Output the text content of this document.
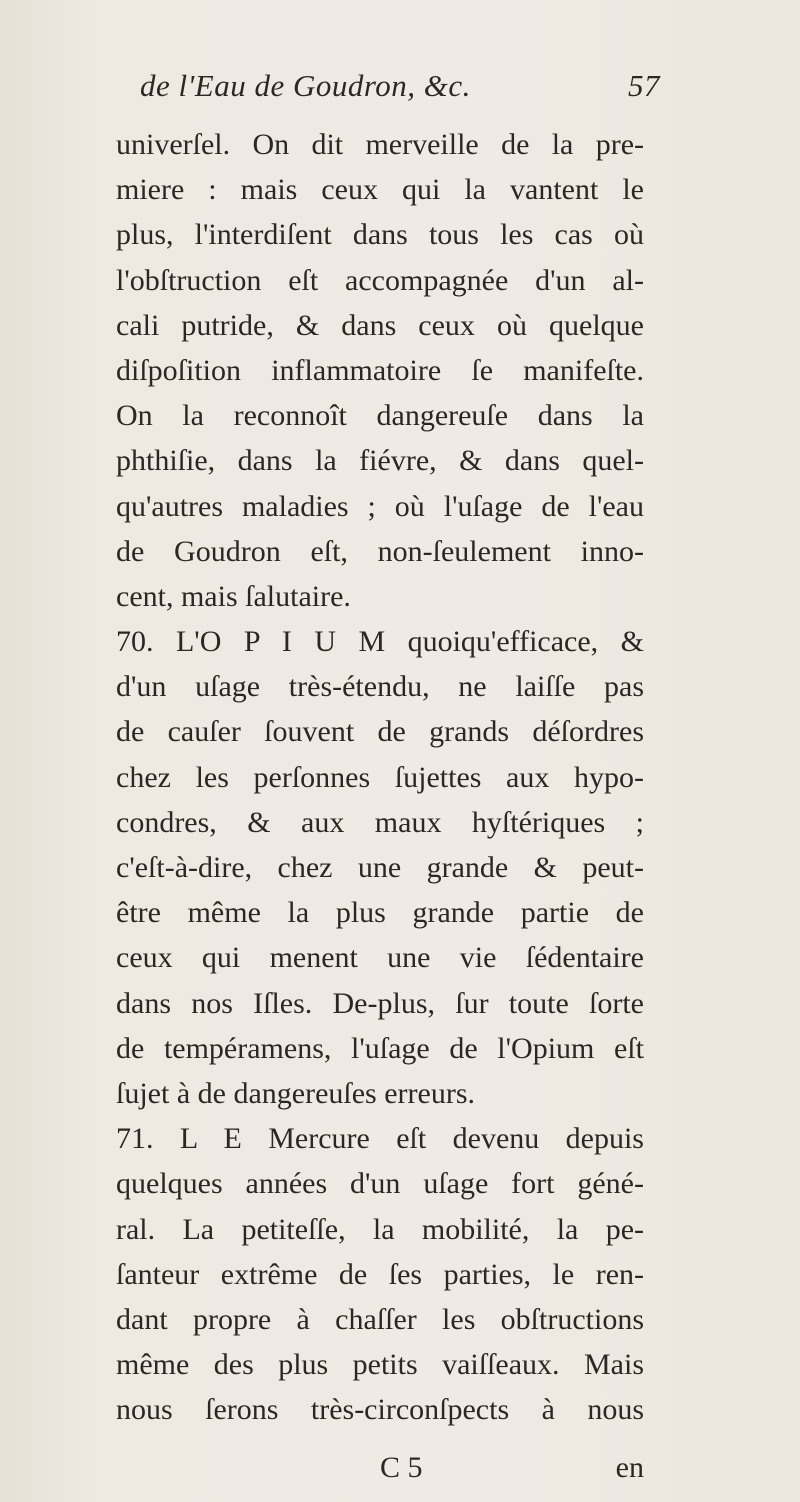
de l'Eau de Goudron, &c.	57
univerſel. On dit merveille de la pre-
miere : mais ceux qui la vantent le
plus, l'interdiſent dans tous les cas où
l'obſtruction eſt accompagnée d'un al-
cali putride, & dans ceux où quelque
diſpoſition inflammatoire ſe manifeſte.
On la reconnoît dangereuſe dans la
phthiſie, dans la fiévre, & dans quel-
qu'autres maladies ; où l'uſage de l'eau
de Goudron eſt, non-ſeulement inno-
cent, mais ſalutaire.
70. L'O P I U M quoiqu'efficace, &
d'un uſage très-étendu, ne laiſſe pas
de cauſer ſouvent de grands déſordres
chez les perſonnes ſujettes aux hypo-
condres, & aux maux hyſtériques ;
c'eſt-à-dire, chez une grande & peut-
être même la plus grande partie de
ceux qui menent une vie ſédentaire
dans nos Iſles. De-plus, ſur toute ſorte
de tempéramens, l'uſage de l'Opium eſt
ſujet à de dangereuſes erreurs.
71. L E Mercure eſt devenu depuis
quelques années d'un uſage fort géné-
ral. La petiteſſe, la mobilité, la pe-
ſanteur extrême de ſes parties, le ren-
dant propre à chaſſer les obſtructions
même des plus petits vaiſſeaux. Mais
nous ſerons très-circonſpects à nous
C 5	en
